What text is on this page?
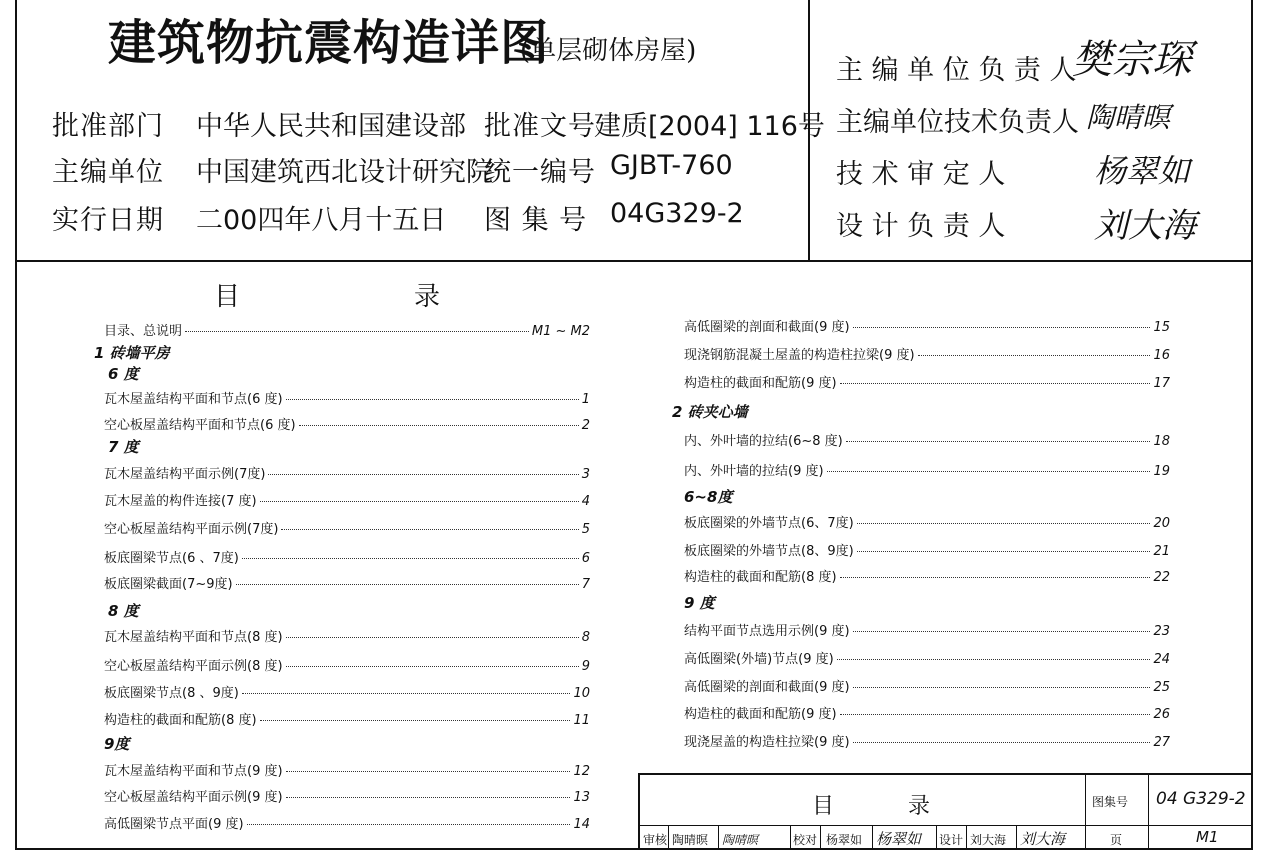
建筑物抗震构造详图
(单层砌体房屋)
批准部门 中华人民共和国建设部 批准文号
建质[2004] 116号
主编单位 中国建筑西北设计研究院
统一编号 GJBT-760
实行日期 二00四年八月十五日 图 集 号 04G329-2
主 编 单 位 负 责 人
樊宗琛
主编单位技术负责人 陶晴暝
技 术 审 定 人	杨翠如
设 计 负 责 人	刘大海
目	录
目录、总说明	M1 ~ M2
1 砖墙平房
6 度
瓦木屋盖结构平面和节点(6 度)	1
空心板屋盖结构平面和节点(6 度)	2
7 度
瓦木屋盖结构平面示例(7度)	3
瓦木屋盖的构件连接(7 度)	4
空心板屋盖结构平面示例(7度)	5
板底圈梁节点(6 、7度)	6
板底圈梁截面(7~9度)	7
8 度
瓦木屋盖结构平面和节点(8 度)	8
空心板屋盖结构平面示例(8 度)	9
板底圈梁节点(8 、9度)	10
构造柱的截面和配筋(8 度)	11
9度
瓦木屋盖结构平面和节点(9 度)	12
空心板屋盖结构平面示例(9 度)	13
高低圈梁节点平面(9 度)	14
高低圈梁的剖面和截面(9 度)	15
现浇钢筋混凝土屋盖的构造柱拉梁(9 度)	16
构造柱的截面和配筋(9 度)	17
2 砖夹心墙
内、外叶墙的拉结(6~8 度)	18
内、外叶墙的拉结(9 度)	19
6~8度
板底圈梁的外墙节点(6、7度)	20
板底圈梁的外墙节点(8、9度)	21
构造柱的截面和配筋(8 度)	22
9 度
结构平面节点选用示例(9 度)	23
高低圈梁(外墙)节点(9 度)	24
高低圈梁的剖面和截面(9 度)	25
构造柱的截面和配筋(9 度)	26
现浇屋盖的构造柱拉梁(9 度)	27
目	录	图集号 04 G329-2
审核 陶晴暝 陶晴暝	校对 杨翠如 杨翠如 设计 刘大海 刘大海	页	M1
